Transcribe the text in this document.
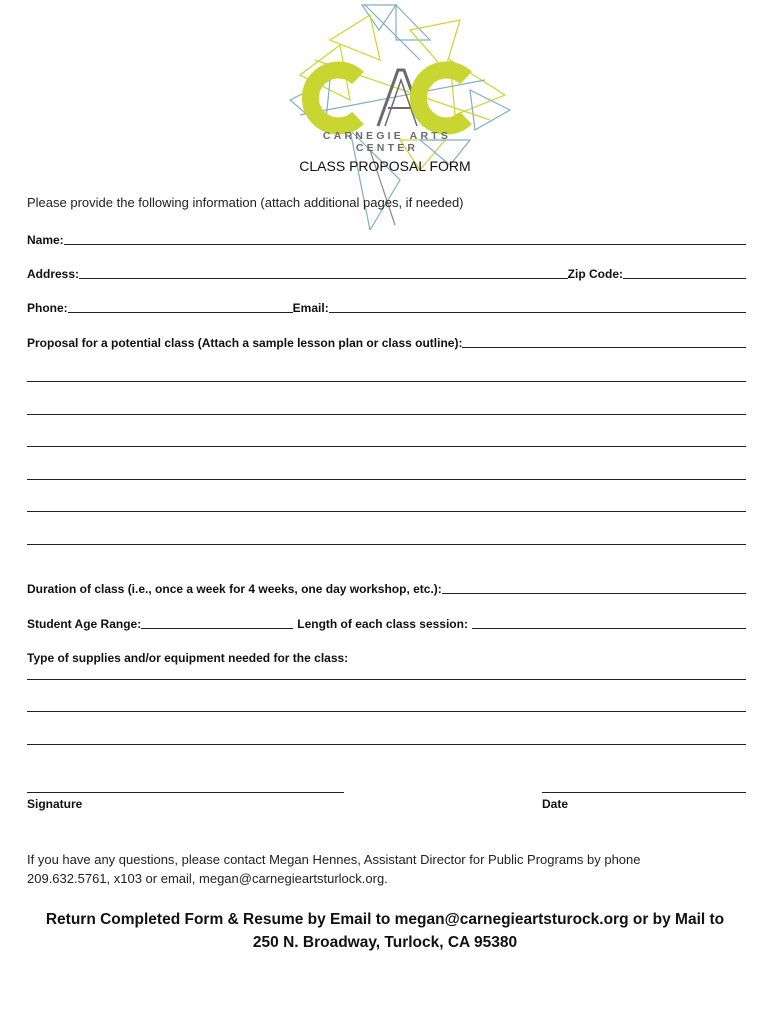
CARNEGIE ARTS CENTER
CLASS PROPOSAL FORM
Please provide the following information (attach additional pages, if needed)
Name:
Address:	Zip Code:
Phone:	Email:
Proposal for a potential class (Attach a sample lesson plan or class outline):
Duration of class (i.e., once a week for 4 weeks, one day workshop, etc.):
Student Age Range:	Length of each class session:
Type of supplies and/or equipment needed for the class:
Signature	Date
If you have any questions, please contact Megan Hennes, Assistant Director for Public Programs by phone
209.632.5761, x103 or email, megan@carnegieartsturlock.org.
Return Completed Form & Resume by Email to megan@carnegieartsturock.org or by Mail to
250 N. Broadway, Turlock, CA 95380
